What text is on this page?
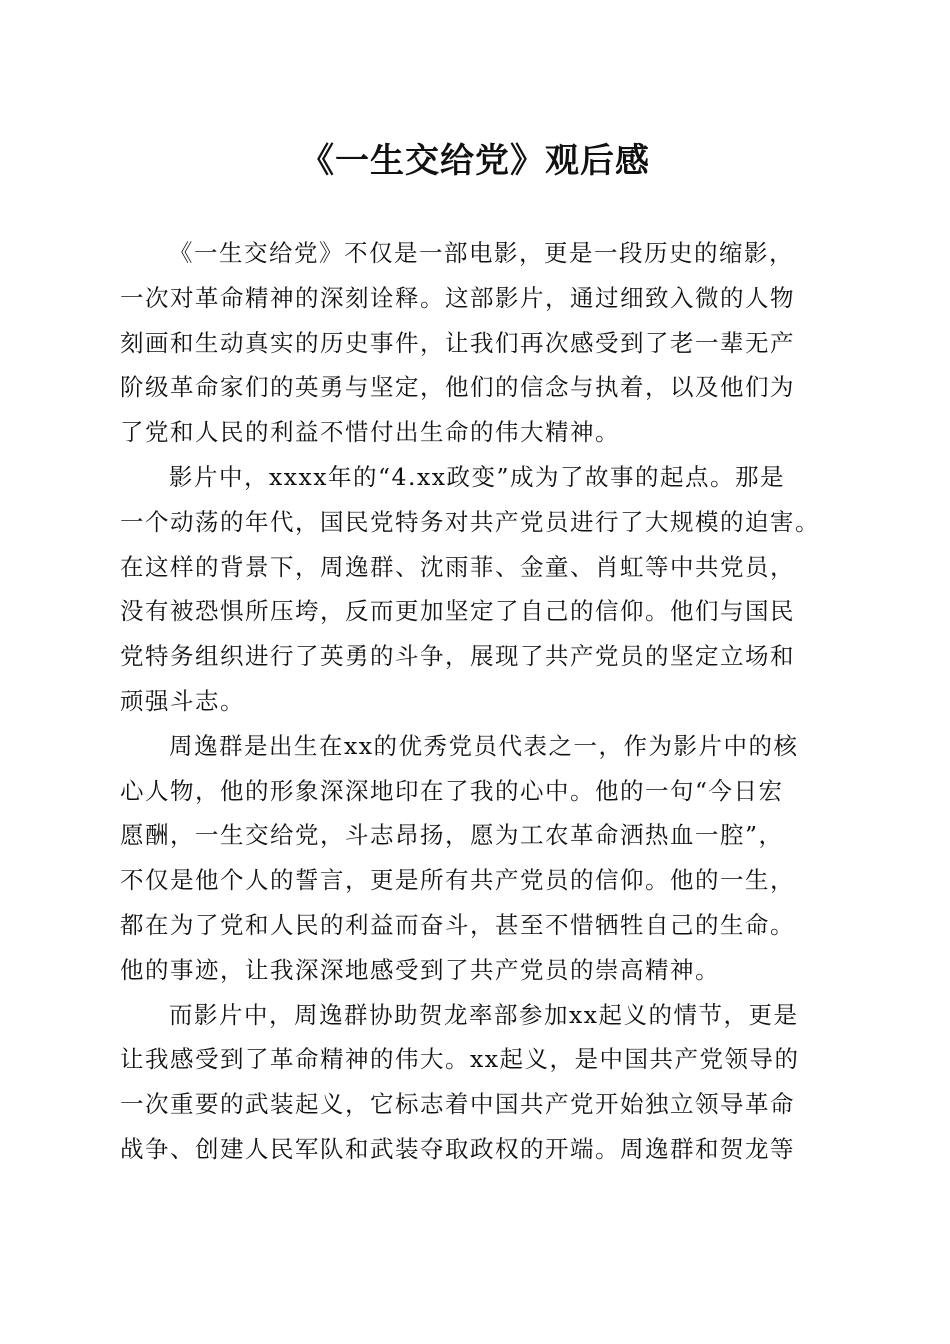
《一生交给党》观后感

《一生交给党》不仅是一部电影，更是一段历史的缩影，
一次对革命精神的深刻诠释。这部影片，通过细致入微的人物
刻画和生动真实的历史事件，让我们再次感受到了老一辈无产
阶级革命家们的英勇与坚定，他们的信念与执着，以及他们为
了党和人民的利益不惜付出生命的伟大精神。

影片中，xxxx年的“4.xx政变”成为了故事的起点。那是
一个动荡的年代，国民党特务对共产党员进行了大规模的迫害。
在这样的背景下，周逸群、沈雨菲、金童、肖虹等中共党员，
没有被恐惧所压垮，反而更加坚定了自己的信仰。他们与国民
党特务组织进行了英勇的斗争，展现了共产党员的坚定立场和
顽强斗志。

周逸群是出生在xx的优秀党员代表之一，作为影片中的核
心人物，他的形象深深地印在了我的心中。他的一句“今日宏
愿酬，一生交给党，斗志昂扬，愿为工农革命洒热血一腔”，
不仅是他个人的誓言，更是所有共产党员的信仰。他的一生，
都在为了党和人民的利益而奋斗，甚至不惜牺牲自己的生命。
他的事迹，让我深深地感受到了共产党员的崇高精神。

而影片中，周逸群协助贺龙率部参加xx起义的情节，更是
让我感受到了革命精神的伟大。xx起义，是中国共产党领导的
一次重要的武装起义，它标志着中国共产党开始独立领导革命
战争、创建人民军队和武装夺取政权的开端。周逸群和贺龙等
